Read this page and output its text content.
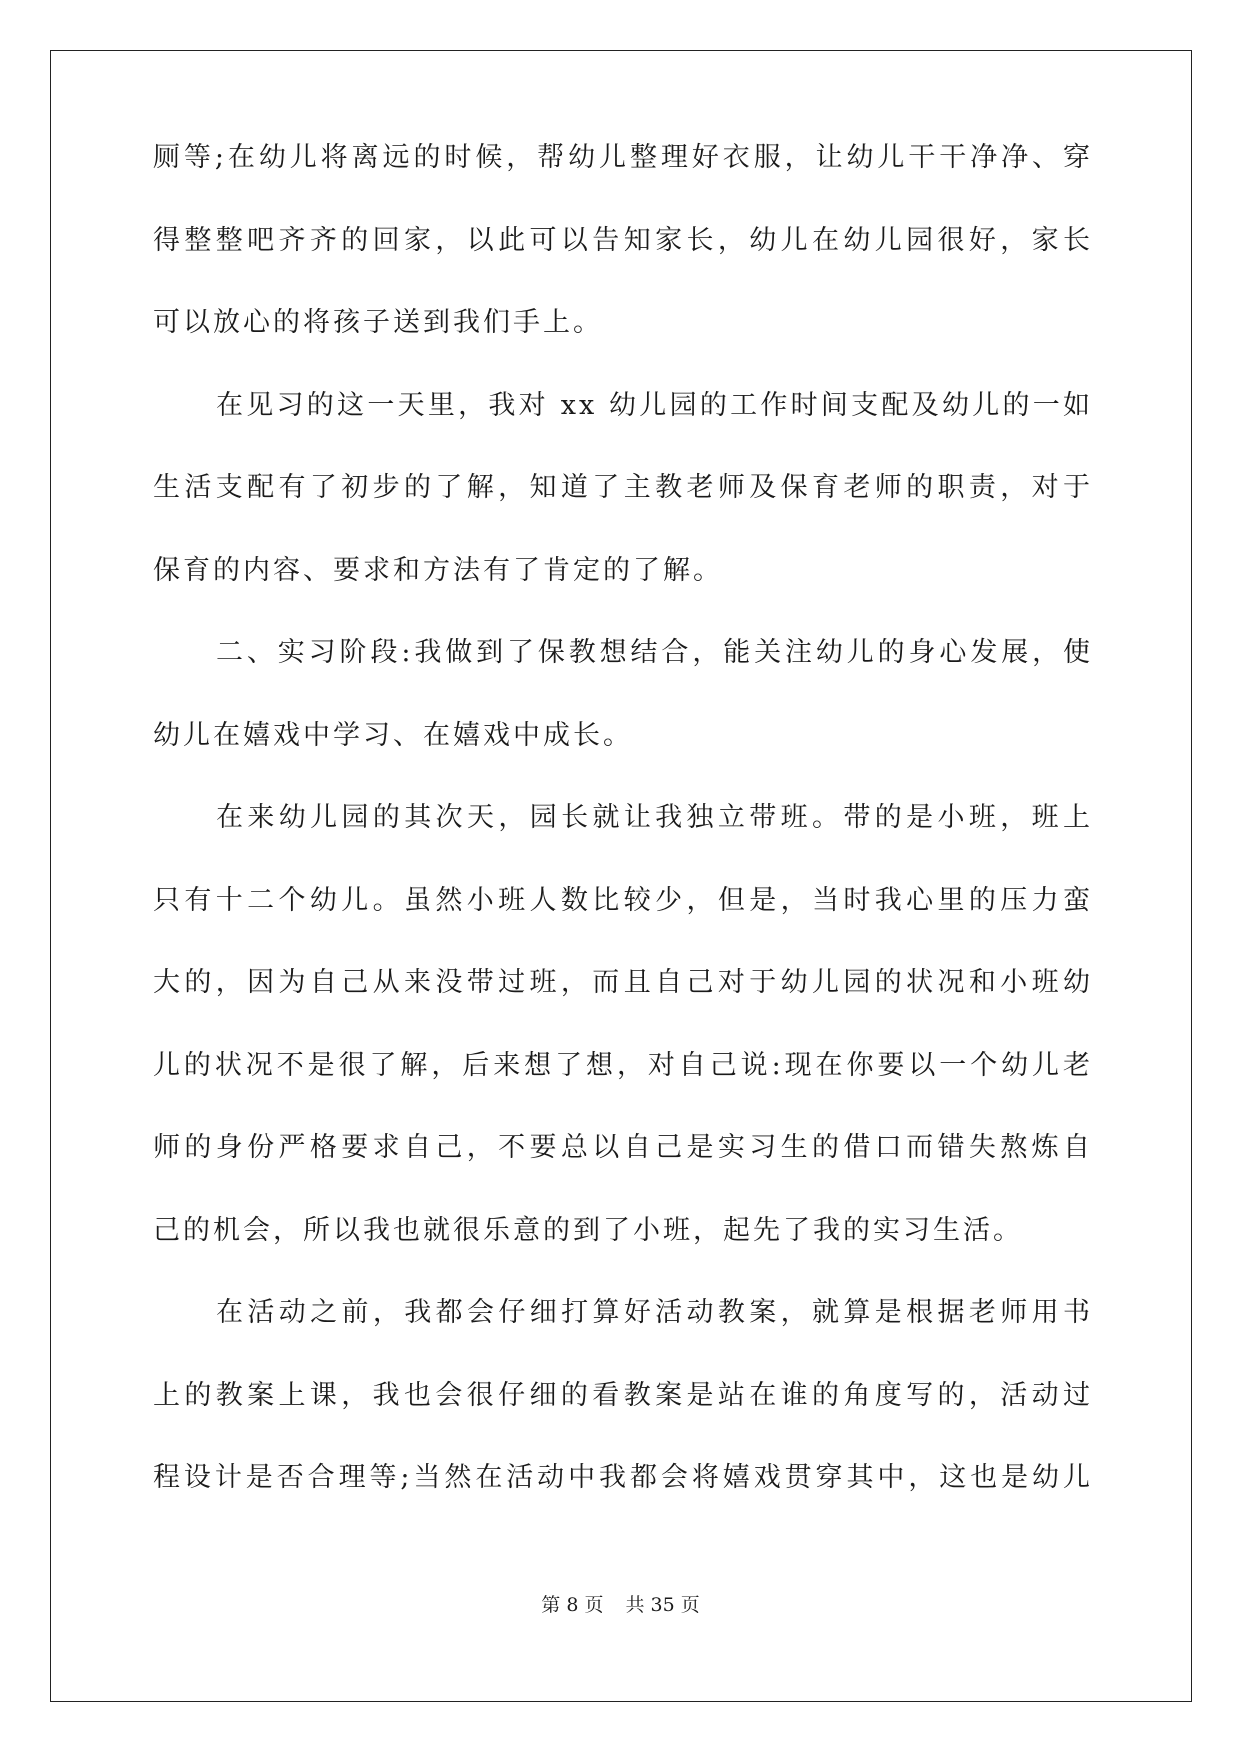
厕等;在幼儿将离远的时候，帮幼儿整理好衣服，让幼儿干干净净、穿
得整整吧齐齐的回家，以此可以告知家长，幼儿在幼儿园很好，家长
可以放心的将孩子送到我们手上。
在见习的这一天里，我对 xx 幼儿园的工作时间支配及幼儿的一如
生活支配有了初步的了解，知道了主教老师及保育老师的职责，对于
保育的内容、要求和方法有了肯定的了解。
二、实习阶段:我做到了保教想结合，能关注幼儿的身心发展，使
幼儿在嬉戏中学习、在嬉戏中成长。
在来幼儿园的其次天，园长就让我独立带班。带的是小班，班上
只有十二个幼儿。虽然小班人数比较少，但是，当时我心里的压力蛮
大的，因为自己从来没带过班，而且自己对于幼儿园的状况和小班幼
儿的状况不是很了解，后来想了想，对自己说:现在你要以一个幼儿老
师的身份严格要求自己，不要总以自己是实习生的借口而错失熬炼自
己的机会，所以我也就很乐意的到了小班，起先了我的实习生活。
在活动之前，我都会仔细打算好活动教案，就算是根据老师用书
上的教案上课，我也会很仔细的看教案是站在谁的角度写的，活动过
程设计是否合理等;当然在活动中我都会将嬉戏贯穿其中，这也是幼儿
第 8 页 共 35 页
